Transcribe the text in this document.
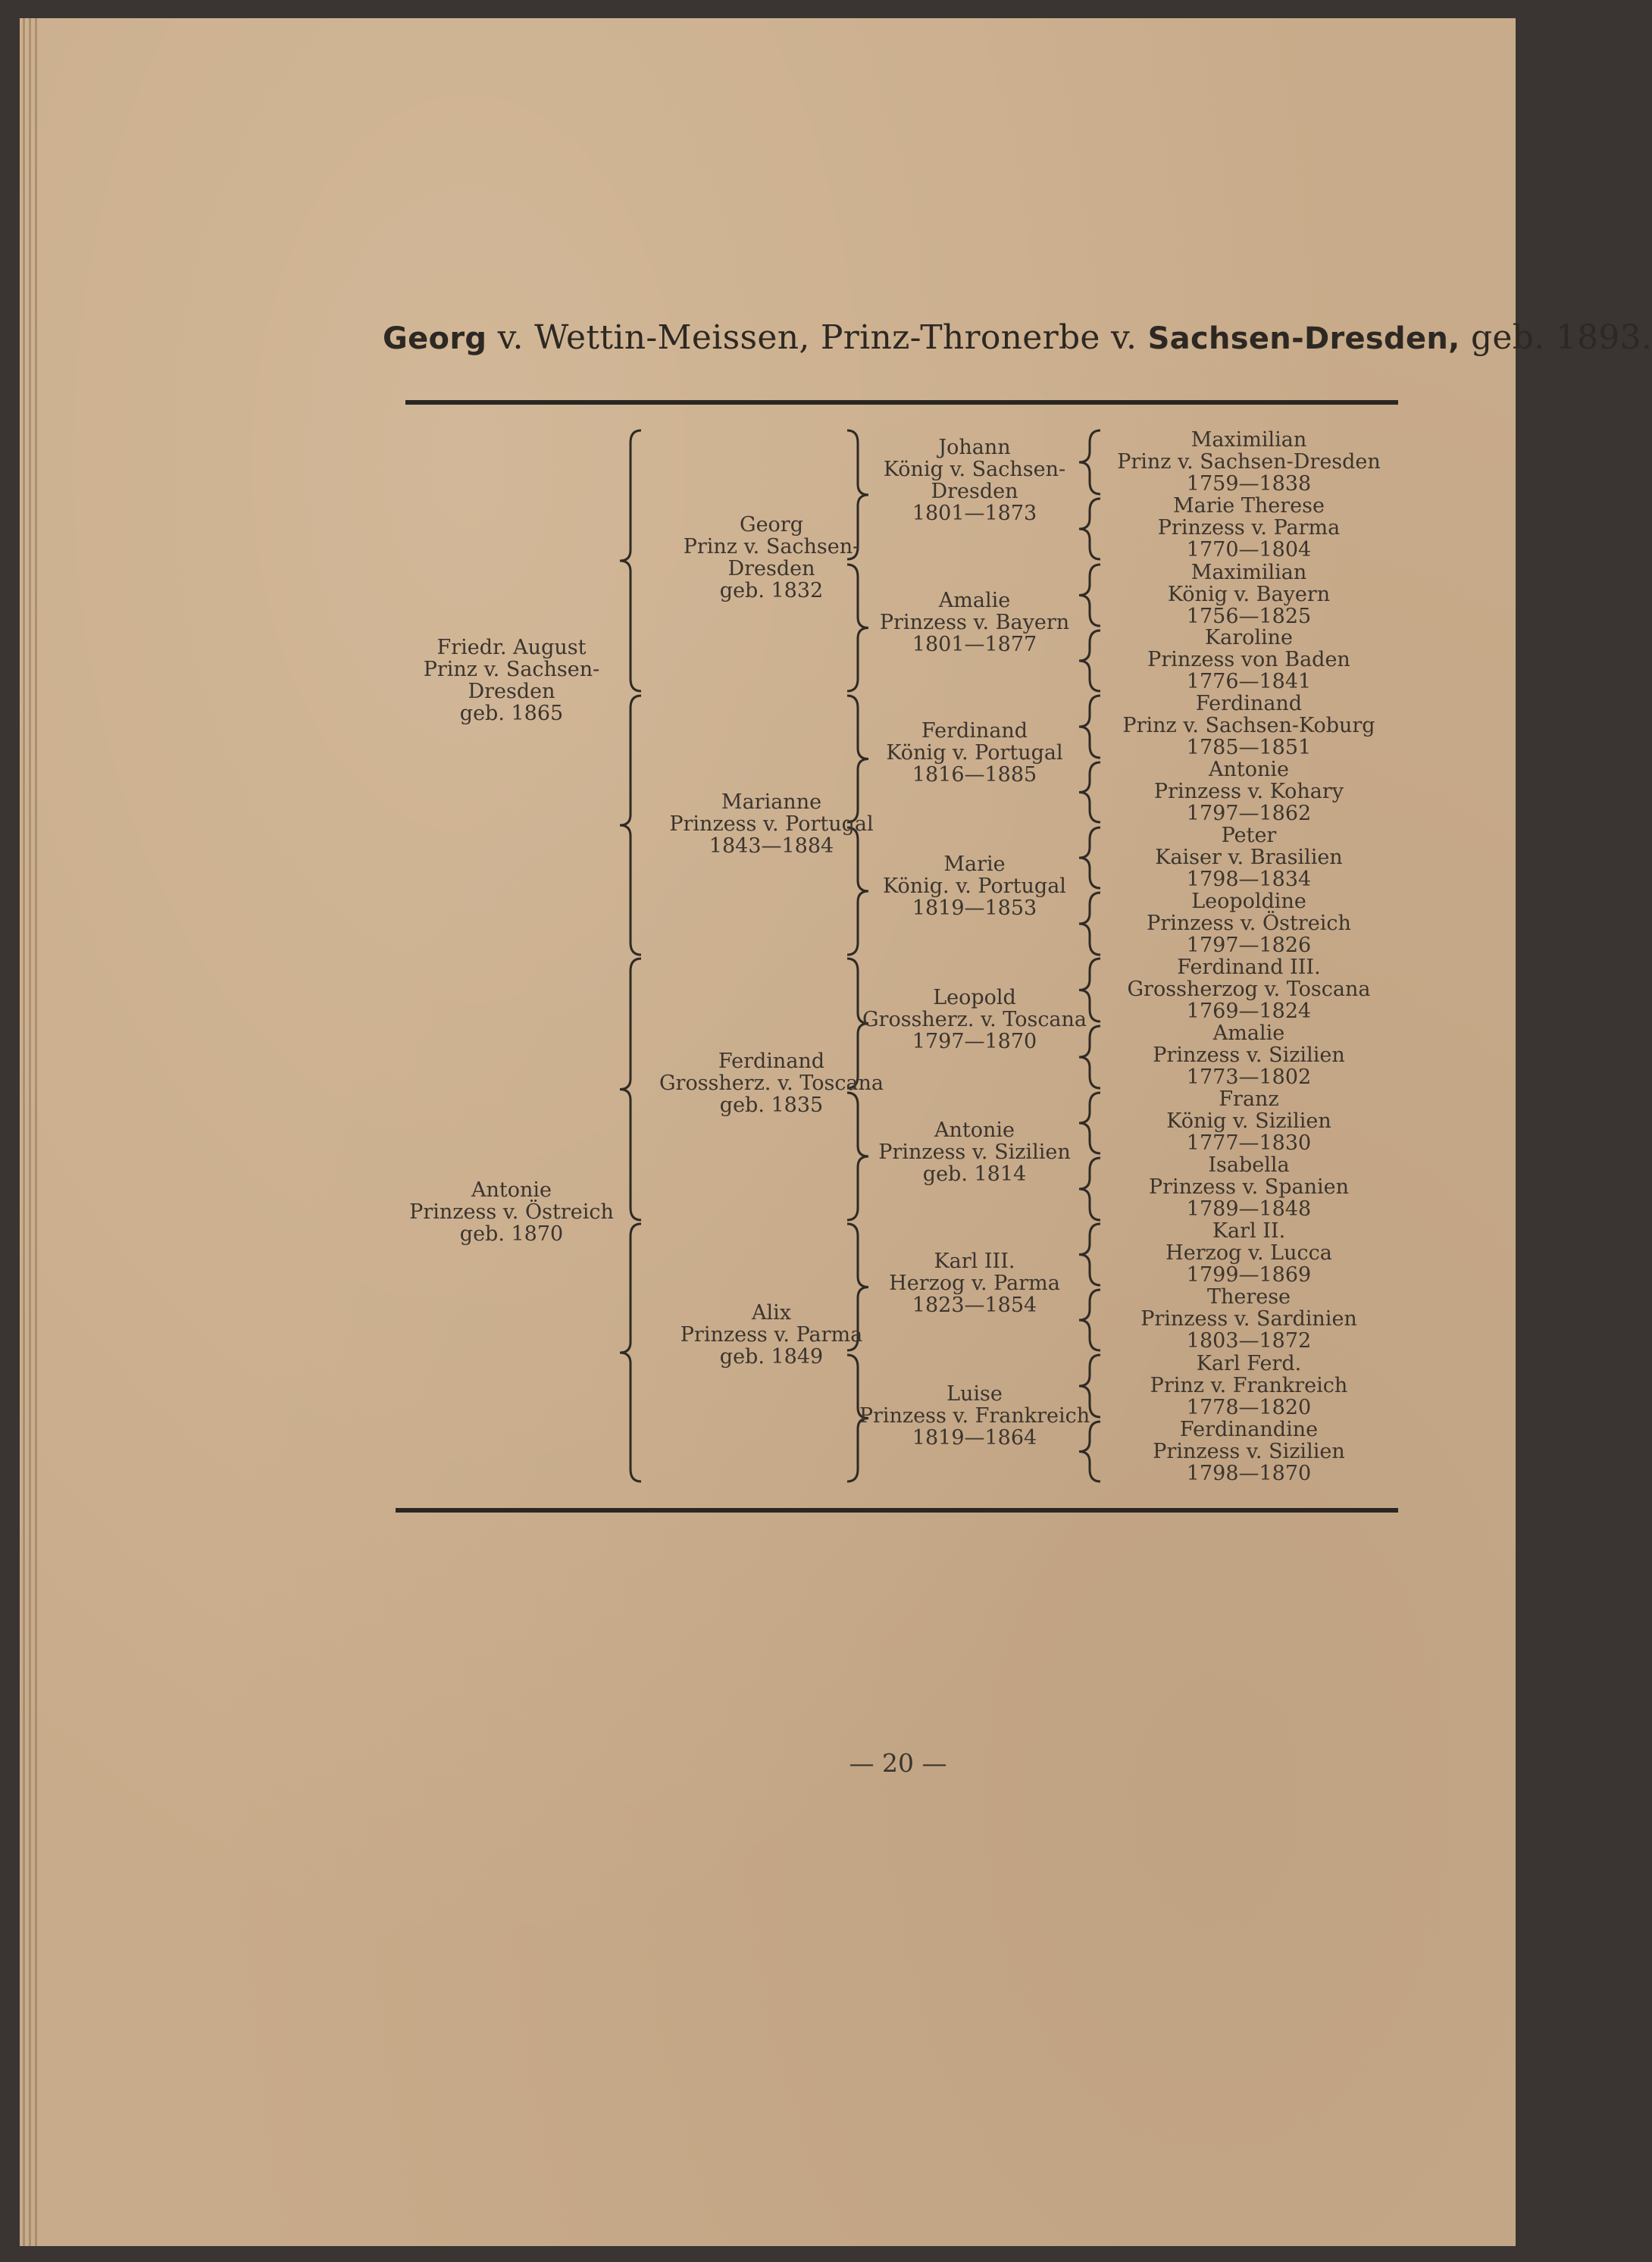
Georg v. Wettin-Meissen, Prinz-Thronerbe v. Sachsen-Dresden, geb. 1893.
Friedr. August
Prinz v. Sachsen-
Dresden
geb. 1865
Antonie
Prinzess v. Östreich
geb. 1870
Georg
Prinz v. Sachsen-
Dresden
geb. 1832
Marianne
Prinzess v. Portugal
1843—1884
Ferdinand
Grossherz. v. Toscana
geb. 1835
Alix
Prinzess v. Parma
geb. 1849
Johann
König v. Sachsen-
Dresden
1801—1873
Amalie
Prinzess v. Bayern
1801—1877
Ferdinand
König v. Portugal
1816—1885
Marie
König. v. Portugal
1819—1853
Leopold
Grossherz. v. Toscana
1797—1870
Antonie
Prinzess v. Sizilien
geb. 1814
Karl III.
Herzog v. Parma
1823—1854
Luise
Prinzess v. Frankreich
1819—1864
Maximilian
Prinz v. Sachsen-Dresden
1759—1838
Marie Therese
Prinzess v. Parma
1770—1804
Maximilian
König v. Bayern
1756—1825
Karoline
Prinzess von Baden
1776—1841
Ferdinand
Prinz v. Sachsen-Koburg
1785—1851
Antonie
Prinzess v. Kohary
1797—1862
Peter
Kaiser v. Brasilien
1798—1834
Leopoldine
Prinzess v. Östreich
1797—1826
Ferdinand III.
Grossherzog v. Toscana
1769—1824
Amalie
Prinzess v. Sizilien
1773—1802
Franz
König v. Sizilien
1777—1830
Isabella
Prinzess v. Spanien
1789—1848
Karl II.
Herzog v. Lucca
1799—1869
Therese
Prinzess v. Sardinien
1803—1872
Karl Ferd.
Prinz v. Frankreich
1778—1820
Ferdinandine
Prinzess v. Sizilien
1798—1870
— 20 —
